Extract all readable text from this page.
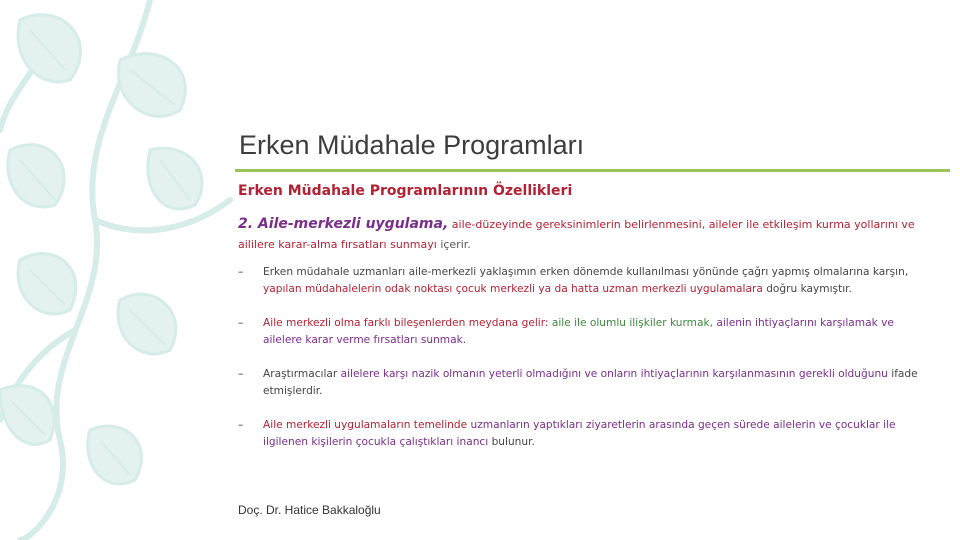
Erken Müdahale Programları
Erken Müdahale Programlarının Özellikleri
2. Aile-merkezli uygulama, aile-düzeyinde gereksinimlerin belirlenmesini, aileler ile etkileşim kurma yollarını ve aililere karar-alma fırsatları sunmayı içerir.
– Erken müdahale uzmanları aile-merkezli yaklaşımın erken dönemde kullanılması yönünde çağrı yapmış olmalarına karşın, yapılan müdahalelerin odak noktası çocuk merkezli ya da hatta uzman merkezli uygulamalara doğru kaymıştır.
– Aile merkezli olma farklı bileşenlerden meydana gelir: aile ile olumlu ilişkiler kurmak, ailenin ihtiyaçlarını karşılamak ve ailelere karar verme fırsatları sunmak.
– Araştırmacılar ailelere karşı nazik olmanın yeterli olmadığını ve onların ihtiyaçlarının karşılanmasının gerekli olduğunu ifade etmişlerdir.
– Aile merkezli uygulamaların temelinde uzmanların yaptıkları ziyaretlerin arasında geçen sürede ailelerin ve çocuklar ile ilgilenen kişilerin çocukla çalıştıkları inancı bulunur.
Doç. Dr. Hatice Bakkaloğlu
